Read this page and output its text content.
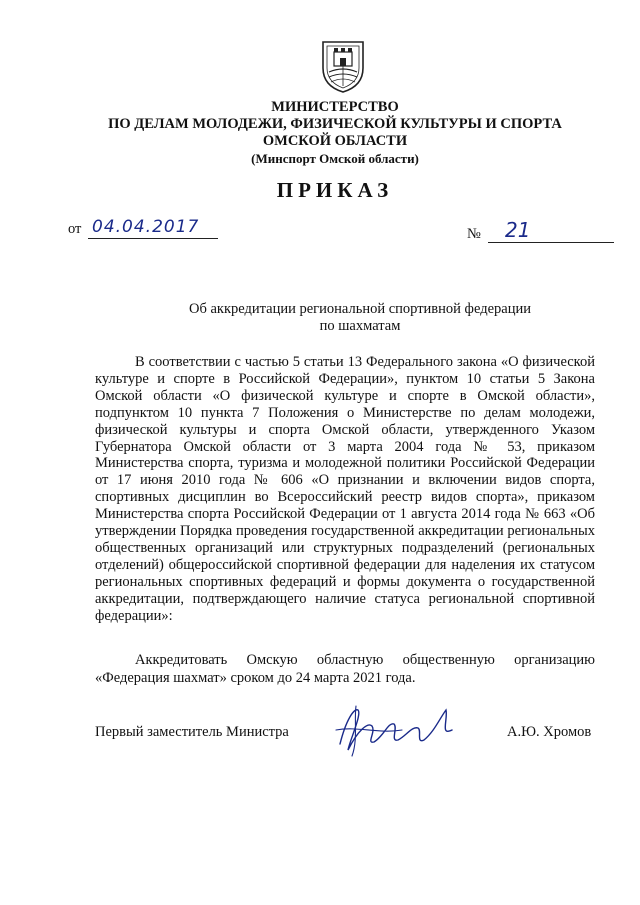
МИНИСТЕРСТВО
ПО ДЕЛАМ МОЛОДЕЖИ, ФИЗИЧЕСКОЙ КУЛЬТУРЫ И СПОРТА
ОМСКОЙ ОБЛАСТИ
(Минспорт Омской области)
ПРИКАЗ
от 04.04.2017	№ 21
Об аккредитации региональной спортивной федерации
по шахматам

В соответствии с частью 5 статьи 13 Федерального закона «О физической культуре и спорте в Российской Федерации», пунктом 10 статьи 5 Закона Омской области «О физической культуре и спорте в Омской области», подпунктом 10 пункта 7 Положения о Министерстве по делам молодежи, физической культуры и спорта Омской области, утвержденного Указом Губернатора Омской области от 3 марта 2004 года № 53, приказом Министерства спорта, туризма и молодежной политики Российской Федерации от 17 июня 2010 года № 606 «О признании и включении видов спорта, спортивных дисциплин во Всероссийский реестр видов спорта», приказом Министерства спорта Российской Федерации от 1 августа 2014 года № 663 «Об утверждении Порядка проведения государственной аккредитации региональных общественных организаций или структурных подразделений (региональных отделений) общероссийской спортивной федерации для наделения их статусом региональных спортивных федераций и формы документа о государственной аккредитации, подтверждающего наличие статуса региональной спортивной федерации»:

Аккредитовать Омскую областную общественную организацию «Федерация шахмат» сроком до 24 марта 2021 года.

Первый заместитель Министра	А.Ю. Хромов
